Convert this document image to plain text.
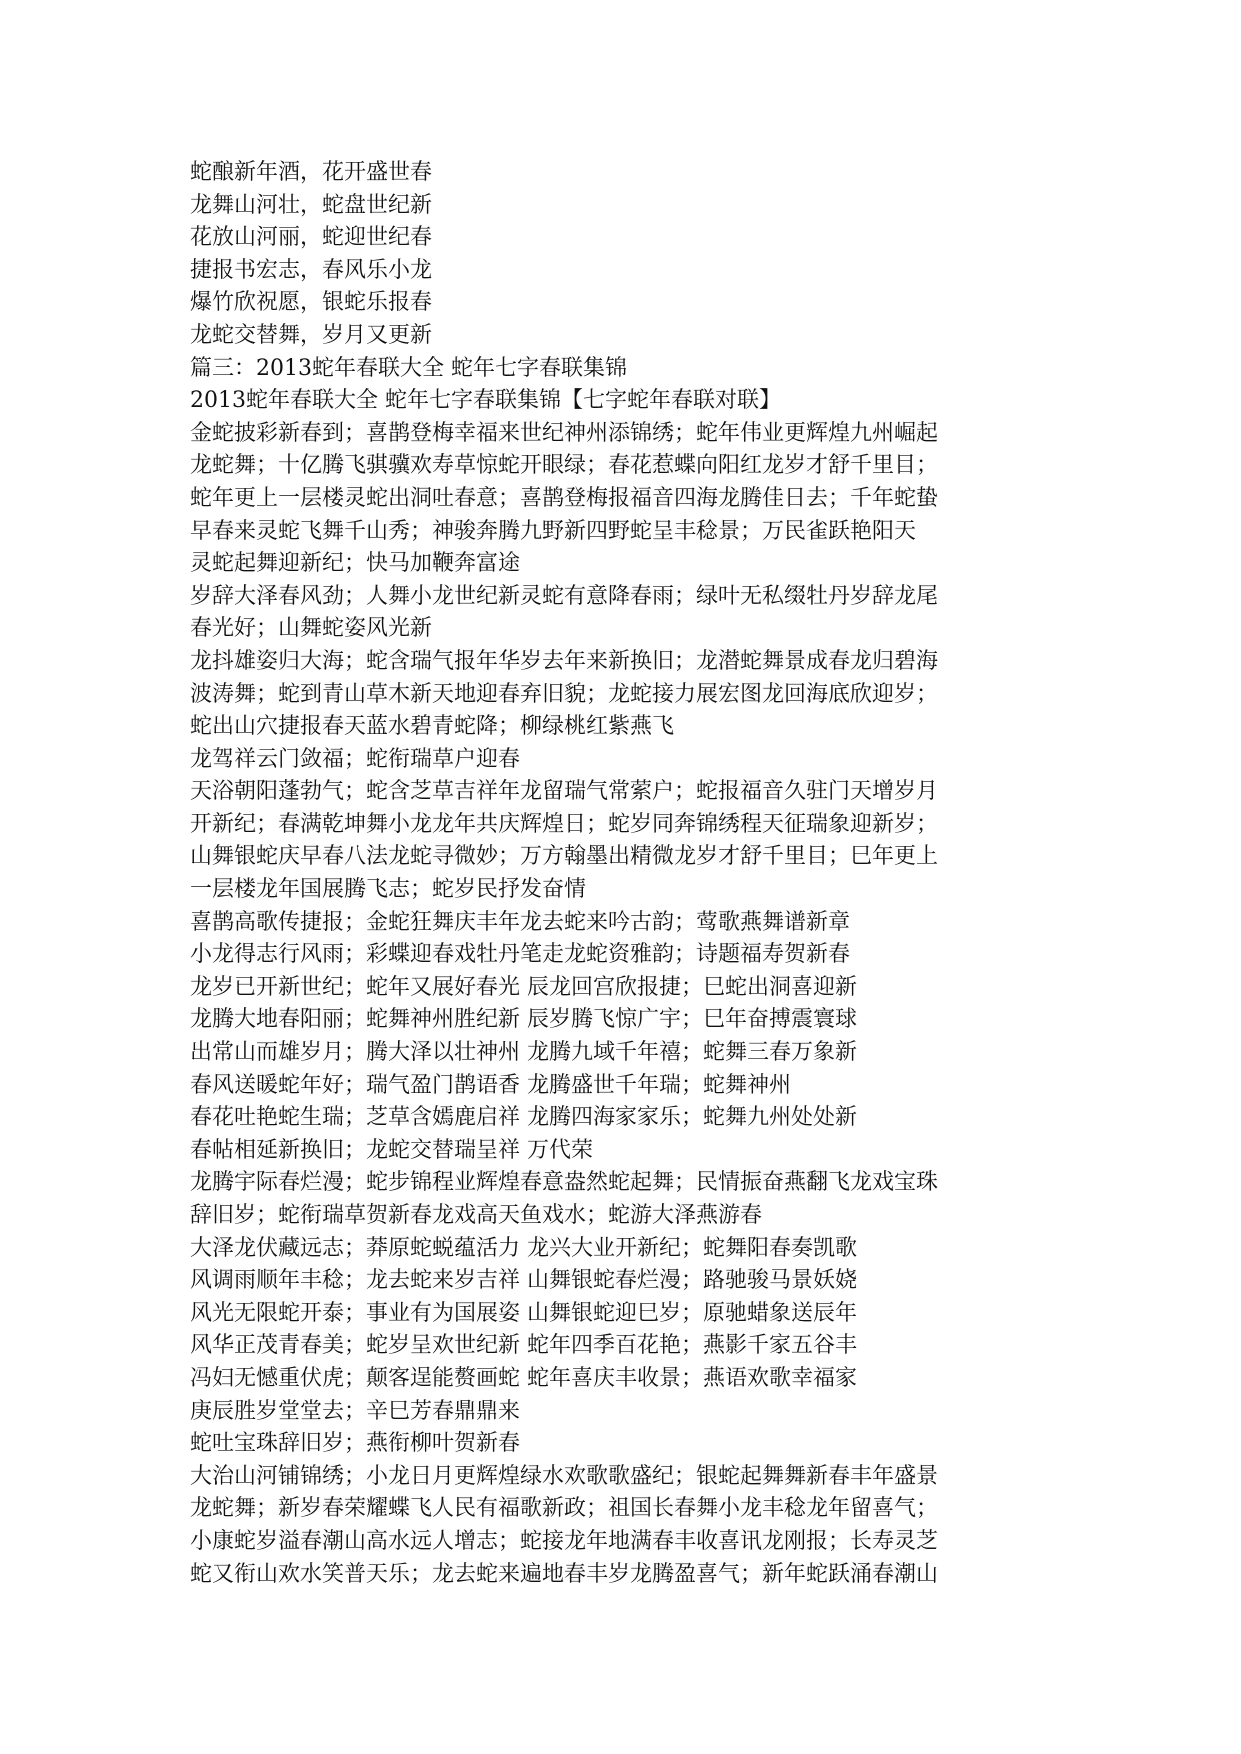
蛇酿新年酒，花开盛世春
龙舞山河壮，蛇盘世纪新
花放山河丽，蛇迎世纪春
捷报书宏志，春风乐小龙
爆竹欣祝愿，银蛇乐报春
龙蛇交替舞，岁月又更新
篇三：2013蛇年春联大全 蛇年七字春联集锦
2013蛇年春联大全 蛇年七字春联集锦【七字蛇年春联对联】
金蛇披彩新春到；喜鹊登梅幸福来世纪神州添锦绣；蛇年伟业更辉煌九州崛起
龙蛇舞；十亿腾飞骐骥欢寿草惊蛇开眼绿；春花惹蝶向阳红龙岁才舒千里目；
蛇年更上一层楼灵蛇出洞吐春意；喜鹊登梅报福音四海龙腾佳日去；千年蛇蛰
早春来灵蛇飞舞千山秀；神骏奔腾九野新四野蛇呈丰稔景；万民雀跃艳阳天
灵蛇起舞迎新纪；快马加鞭奔富途
岁辞大泽春风劲；人舞小龙世纪新灵蛇有意降春雨；绿叶无私缀牡丹岁辞龙尾
春光好；山舞蛇姿风光新
龙抖雄姿归大海；蛇含瑞气报年华岁去年来新换旧；龙潜蛇舞景成春龙归碧海
波涛舞；蛇到青山草木新天地迎春弃旧貌；龙蛇接力展宏图龙回海底欣迎岁；
蛇出山穴捷报春天蓝水碧青蛇降；柳绿桃红紫燕飞
龙驾祥云门敛福；蛇衔瑞草户迎春
天浴朝阳蓬勃气；蛇含芝草吉祥年龙留瑞气常萦户；蛇报福音久驻门天增岁月
开新纪；春满乾坤舞小龙龙年共庆辉煌日；蛇岁同奔锦绣程天征瑞象迎新岁；
山舞银蛇庆早春八法龙蛇寻微妙；万方翰墨出精微龙岁才舒千里目；巳年更上
一层楼龙年国展腾飞志；蛇岁民抒发奋情
喜鹊高歌传捷报；金蛇狂舞庆丰年龙去蛇来吟古韵；莺歌燕舞谱新章
小龙得志行风雨；彩蝶迎春戏牡丹笔走龙蛇资雅韵；诗题福寿贺新春
龙岁已开新世纪；蛇年又展好春光 辰龙回宫欣报捷；巳蛇出洞喜迎新
龙腾大地春阳丽；蛇舞神州胜纪新 辰岁腾飞惊广宇；巳年奋搏震寰球
出常山而雄岁月；腾大泽以壮神州 龙腾九域千年禧；蛇舞三春万象新
春风送暖蛇年好；瑞气盈门鹊语香 龙腾盛世千年瑞；蛇舞神州
春花吐艳蛇生瑞；芝草含嫣鹿启祥 龙腾四海家家乐；蛇舞九州处处新
春帖相延新换旧；龙蛇交替瑞呈祥 万代荣
龙腾宇际春烂漫；蛇步锦程业辉煌春意盎然蛇起舞；民情振奋燕翻飞龙戏宝珠
辞旧岁；蛇衔瑞草贺新春龙戏高天鱼戏水；蛇游大泽燕游春
大泽龙伏藏远志；莽原蛇蜕蕴活力 龙兴大业开新纪；蛇舞阳春奏凯歌
风调雨顺年丰稔；龙去蛇来岁吉祥 山舞银蛇春烂漫；路驰骏马景妖娆
风光无限蛇开泰；事业有为国展姿 山舞银蛇迎巳岁；原驰蜡象送辰年
风华正茂青春美；蛇岁呈欢世纪新 蛇年四季百花艳；燕影千家五谷丰
冯妇无憾重伏虎；颠客逞能赘画蛇 蛇年喜庆丰收景；燕语欢歌幸福家
庚辰胜岁堂堂去；辛巳芳春鼎鼎来
蛇吐宝珠辞旧岁；燕衔柳叶贺新春
大治山河铺锦绣；小龙日月更辉煌绿水欢歌歌盛纪；银蛇起舞舞新春丰年盛景
龙蛇舞；新岁春荣耀蝶飞人民有福歌新政；祖国长春舞小龙丰稔龙年留喜气；
小康蛇岁溢春潮山高水远人增志；蛇接龙年地满春丰收喜讯龙刚报；长寿灵芝
蛇又衔山欢水笑普天乐；龙去蛇来遍地春丰岁龙腾盈喜气；新年蛇跃涌春潮山
